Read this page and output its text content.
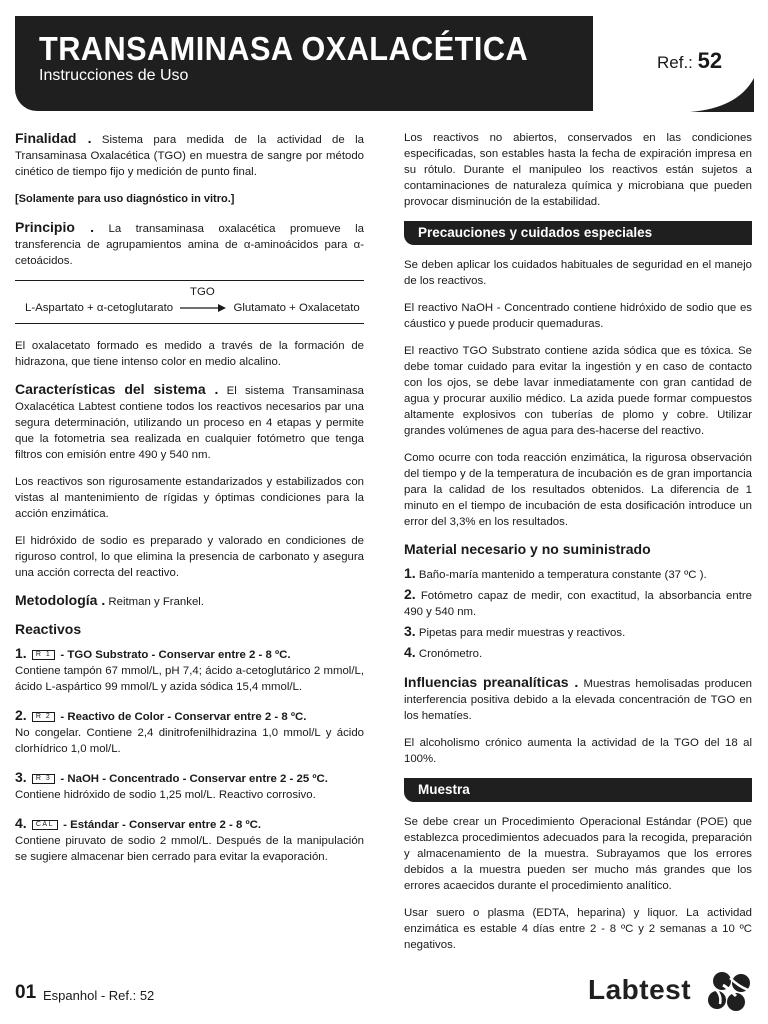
TRANSAMINASA OXALACÉTICA
Instrucciones de Uso
Ref.: 52

Finalidad . Sistema para medida de la actividad de la Transaminasa Oxalacética (TGO) en muestra de sangre por método cinético de tiempo fijo y medición de punto final.

[Solamente para uso diagnóstico in vitro.]

Principio . La transaminasa oxalacética promueve la transferencia de agrupamientos amina de α-aminoácidos para α-cetoácidos.

TGO
L-Aspartato + α-cetoglutarato	Glutamato + Oxalacetato

El oxalacetato formado es medido a través de la formación de hidrazona, que tiene intenso color en medio alcalino.

Características del sistema . El sistema Transaminasa Oxalacética Labtest contiene todos los reactivos necesarios par una segura determinación, utilizando un proceso en 4 etapas y permite que la fotometria sea realizada en cualquier fotómetro que tenga filtros con emisión entre 490 y 540 nm.

Los reactivos son rigurosamente estandarizados y estabilizados con vistas al mantenimiento de rígidas y óptimas condiciones para la acción enzimática.

El hidróxido de sodio es preparado y valorado en condiciones de riguroso control, lo que elimina la presencia de carbonato y asegura una acción correcta del reactivo.

Metodología . Reitman y Frankel.

Reactivos
1. R 1 - TGO Substrato - Conservar entre 2 - 8 ºC.
Contiene tampón 67 mmol/L, pH 7,4; ácido a-cetoglutárico 2 mmol/L, ácido L-aspártico 99 mmol/L y azida sódica 15,4 mmol/L.
2. R 2 - Reactivo de Color - Conservar entre 2 - 8 ºC.
No congelar. Contiene 2,4 dinitrofenilhidrazina 1,0 mmol/L y ácido clorhídrico 1,0 mol/L.
3. R 3 - NaOH - Concentrado - Conservar entre 2 - 25 ºC.
Contiene hidróxido de sodio 1,25 mol/L. Reactivo corrosivo.
4. CAL - Estándar - Conservar entre 2 - 8 ºC.
Contiene piruvato de sodio 2 mmol/L. Después de la manipulación se sugiere almacenar bien cerrado para evitar la evaporación.

Los reactivos no abiertos, conservados en las condiciones especificadas, son estables hasta la fecha de expiración impresa en su rótulo. Durante el manipuleo los reactivos están sujetos a contaminaciones de naturaleza química y microbiana que pueden provocar disminución de la estabilidad.

Precauciones y cuidados especiales

Se deben aplicar los cuidados habituales de seguridad en el manejo de los reactivos.

El reactivo NaOH - Concentrado contiene hidróxido de sodio que es cáustico y puede producir quemaduras.

El reactivo TGO Substrato contiene azida sódica que es tóxica. Se debe tomar cuidado para evitar la ingestión y en caso de contacto con los ojos, se debe lavar inmediatamente con gran cantidad de agua y procurar auxilio médico. La azida puede formar compuestos altamente explosivos con tuberías de plomo y cobre. Utilizar grandes volúmenes de agua para des-hacerse del reactivo.

Como ocurre con toda reacción enzimática, la rigurosa observación del tiempo y de la temperatura de incubación es de gran importancia para la calidad de los resultados obtenidos. La diferencia de 1 minuto en el tiempo de incubación de esta dosificación introduce un error del 3,3% en los resultados.

Material necesario y no suministrado
1. Baño-maría mantenido a temperatura constante (37 ºC ).
2. Fotómetro capaz de medir, con exactitud, la absorbancia entre 490 y 540 nm.
3. Pipetas para medir muestras y reactivos.
4. Cronómetro.

Influencias preanalíticas . Muestras hemolisadas producen interferencia positiva debido a la elevada concentración de TGO en los hematíes.

El alcoholismo crónico aumenta la actividad de la TGO del 18 al 100%.

Muestra

Se debe crear un Procedimiento Operacional Estándar (POE) que establezca procedimientos adecuados para la recogida, preparación y almacenamiento de la muestra. Subrayamos que los errores debidos a la muestra pueden ser mucho más grandes que los errores acaecidos durante el procedimiento analítico.

Usar suero o plasma (EDTA, heparina) y liquor. La actividad enzimática es estable 4 días entre 2 - 8 ºC y 2 semanas a 10 ºC negativos.

01 Espanhol - Ref.: 52	Labtest
